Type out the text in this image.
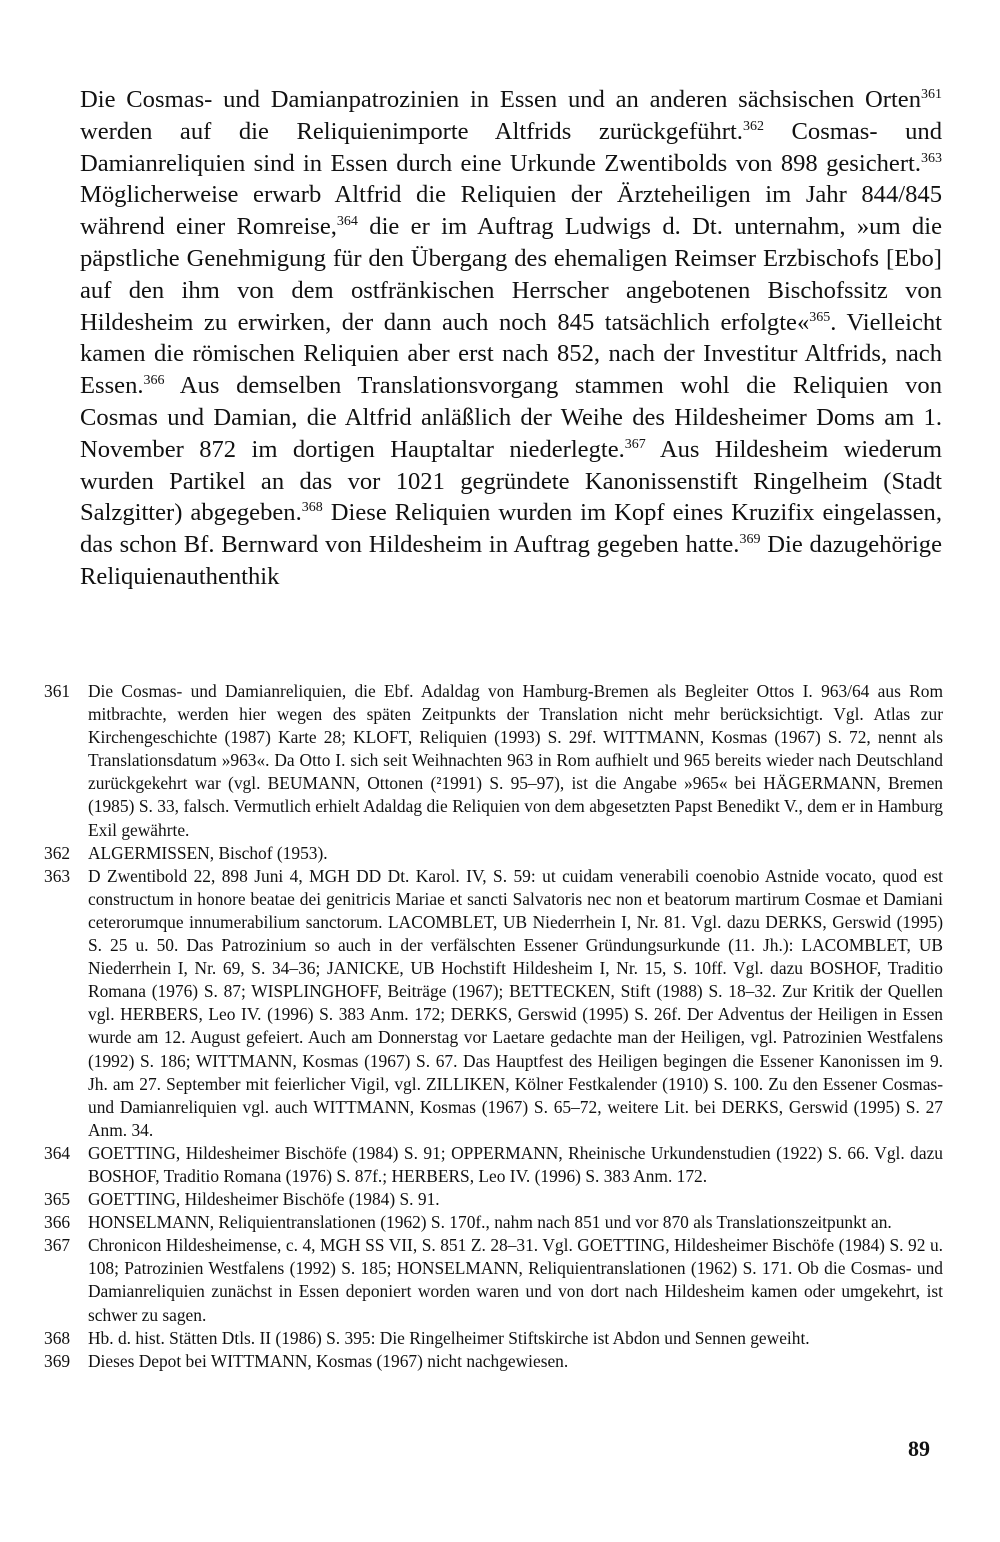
Die Cosmas- und Damianpatrozinien in Essen und an anderen sächsischen Orten$^{361}$ werden auf die Reliquienimporte Altfrids zurückgeführt.$^{362}$ Cosmas- und Damianreliquien sind in Essen durch eine Urkunde Zwentibolds von 898 gesichert.$^{363}$ Möglicherweise erwarb Altfrid die Reliquien der Ärzteheiligen im Jahr 844/845 während einer Romreise,$^{364}$ die er im Auftrag Ludwigs d. Dt. unternahm, »um die päpstliche Genehmigung für den Übergang des ehemaligen Reimser Erzbischofs [Ebo] auf den ihm von dem ostfränkischen Herrscher angebotenen Bischofssitz von Hildesheim zu erwirken, der dann auch noch 845 tatsächlich erfolgte«$^{365}$. Vielleicht kamen die römischen Reliquien aber erst nach 852, nach der Investitur Altfrids, nach Essen.$^{366}$ Aus demselben Translationsvorgang stammen wohl die Reliquien von Cosmas und Damian, die Altfrid anläßlich der Weihe des Hildesheimer Doms am 1. November 872 im dortigen Hauptaltar niederlegte.$^{367}$ Aus Hildesheim wiederum wurden Partikel an das vor 1021 gegründete Kanonissenstift Ringelheim (Stadt Salzgitter) abgegeben.$^{368}$ Diese Reliquien wurden im Kopf eines Kruzifix eingelassen, das schon Bf. Bernward von Hildesheim in Auftrag gegeben hatte.$^{369}$ Die dazugehörige Reliquienauthenthik

361	Die Cosmas- und Damianreliquien, die Ebf. Adaldag von Hamburg-Bremen als Begleiter Ottos I. 963/64 aus Rom mitbrachte, werden hier wegen des späten Zeitpunkts der Translation nicht mehr berücksichtigt. Vgl. Atlas zur Kirchengeschichte (1987) Karte 28; KLOFT, Reliquien (1993) S. 29f. WITTMANN, Kosmas (1967) S. 72, nennt als Translationsdatum »963«. Da Otto I. sich seit Weihnachten 963 in Rom aufhielt und 965 bereits wieder nach Deutschland zurückgekehrt war (vgl. BEUMANN, Ottonen (²1991) S. 95–97), ist die Angabe »965« bei HÄGERMANN, Bremen (1985) S. 33, falsch. Vermutlich erhielt Adaldag die Reliquien von dem abgesetzten Papst Benedikt V., dem er in Hamburg Exil gewährte.
362	ALGERMISSEN, Bischof (1953).
363	D Zwentibold 22, 898 Juni 4, MGH DD Dt. Karol. IV, S. 59: ut cuidam venerabili coenobio Astnide vocato, quod est constructum in honore beatae dei genitricis Mariae et sancti Salvatoris nec non et beatorum martirum Cosmae et Damiani ceterorumque innumerabilium sanctorum. LACOMBLET, UB Niederrhein I, Nr. 81. Vgl. dazu DERKS, Gerswid (1995) S. 25 u. 50. Das Patrozinium so auch in der verfälschten Essener Gründungsurkunde (11. Jh.): LACOMBLET, UB Niederrhein I, Nr. 69, S. 34–36; JANICKE, UB Hochstift Hildesheim I, Nr. 15, S. 10ff. Vgl. dazu BOSHOF, Traditio Romana (1976) S. 87; WISPLINGHOFF, Beiträge (1967); BETTECKEN, Stift (1988) S. 18–32. Zur Kritik der Quellen vgl. HERBERS, Leo IV. (1996) S. 383 Anm. 172; DERKS, Gerswid (1995) S. 26f. Der Adventus der Heiligen in Essen wurde am 12. August gefeiert. Auch am Donnerstag vor Laetare gedachte man der Heiligen, vgl. Patrozinien Westfalens (1992) S. 186; WITTMANN, Kosmas (1967) S. 67. Das Hauptfest des Heiligen begingen die Essener Kanonissen im 9. Jh. am 27. September mit feierlicher Vigil, vgl. ZILLIKEN, Kölner Festkalender (1910) S. 100. Zu den Essener Cosmas- und Damianreliquien vgl. auch WITTMANN, Kosmas (1967) S. 65–72, weitere Lit. bei DERKS, Gerswid (1995) S. 27 Anm. 34.
364	GOETTING, Hildesheimer Bischöfe (1984) S. 91; OPPERMANN, Rheinische Urkundenstudien (1922) S. 66. Vgl. dazu BOSHOF, Traditio Romana (1976) S. 87f.; HERBERS, Leo IV. (1996) S. 383 Anm. 172.
365	GOETTING, Hildesheimer Bischöfe (1984) S. 91.
366	HONSELMANN, Reliquientranslationen (1962) S. 170f., nahm nach 851 und vor 870 als Translationszeitpunkt an.
367	Chronicon Hildesheimense, c. 4, MGH SS VII, S. 851 Z. 28–31. Vgl. GOETTING, Hildesheimer Bischöfe (1984) S. 92 u. 108; Patrozinien Westfalens (1992) S. 185; HONSELMANN, Reliquientranslationen (1962) S. 171. Ob die Cosmas- und Damianreliquien zunächst in Essen deponiert worden waren und von dort nach Hildesheim kamen oder umgekehrt, ist schwer zu sagen.
368	Hb. d. hist. Stätten Dtls. II (1986) S. 395: Die Ringelheimer Stiftskirche ist Abdon und Sennen geweiht.
369	Dieses Depot bei WITTMANN, Kosmas (1967) nicht nachgewiesen.
89
